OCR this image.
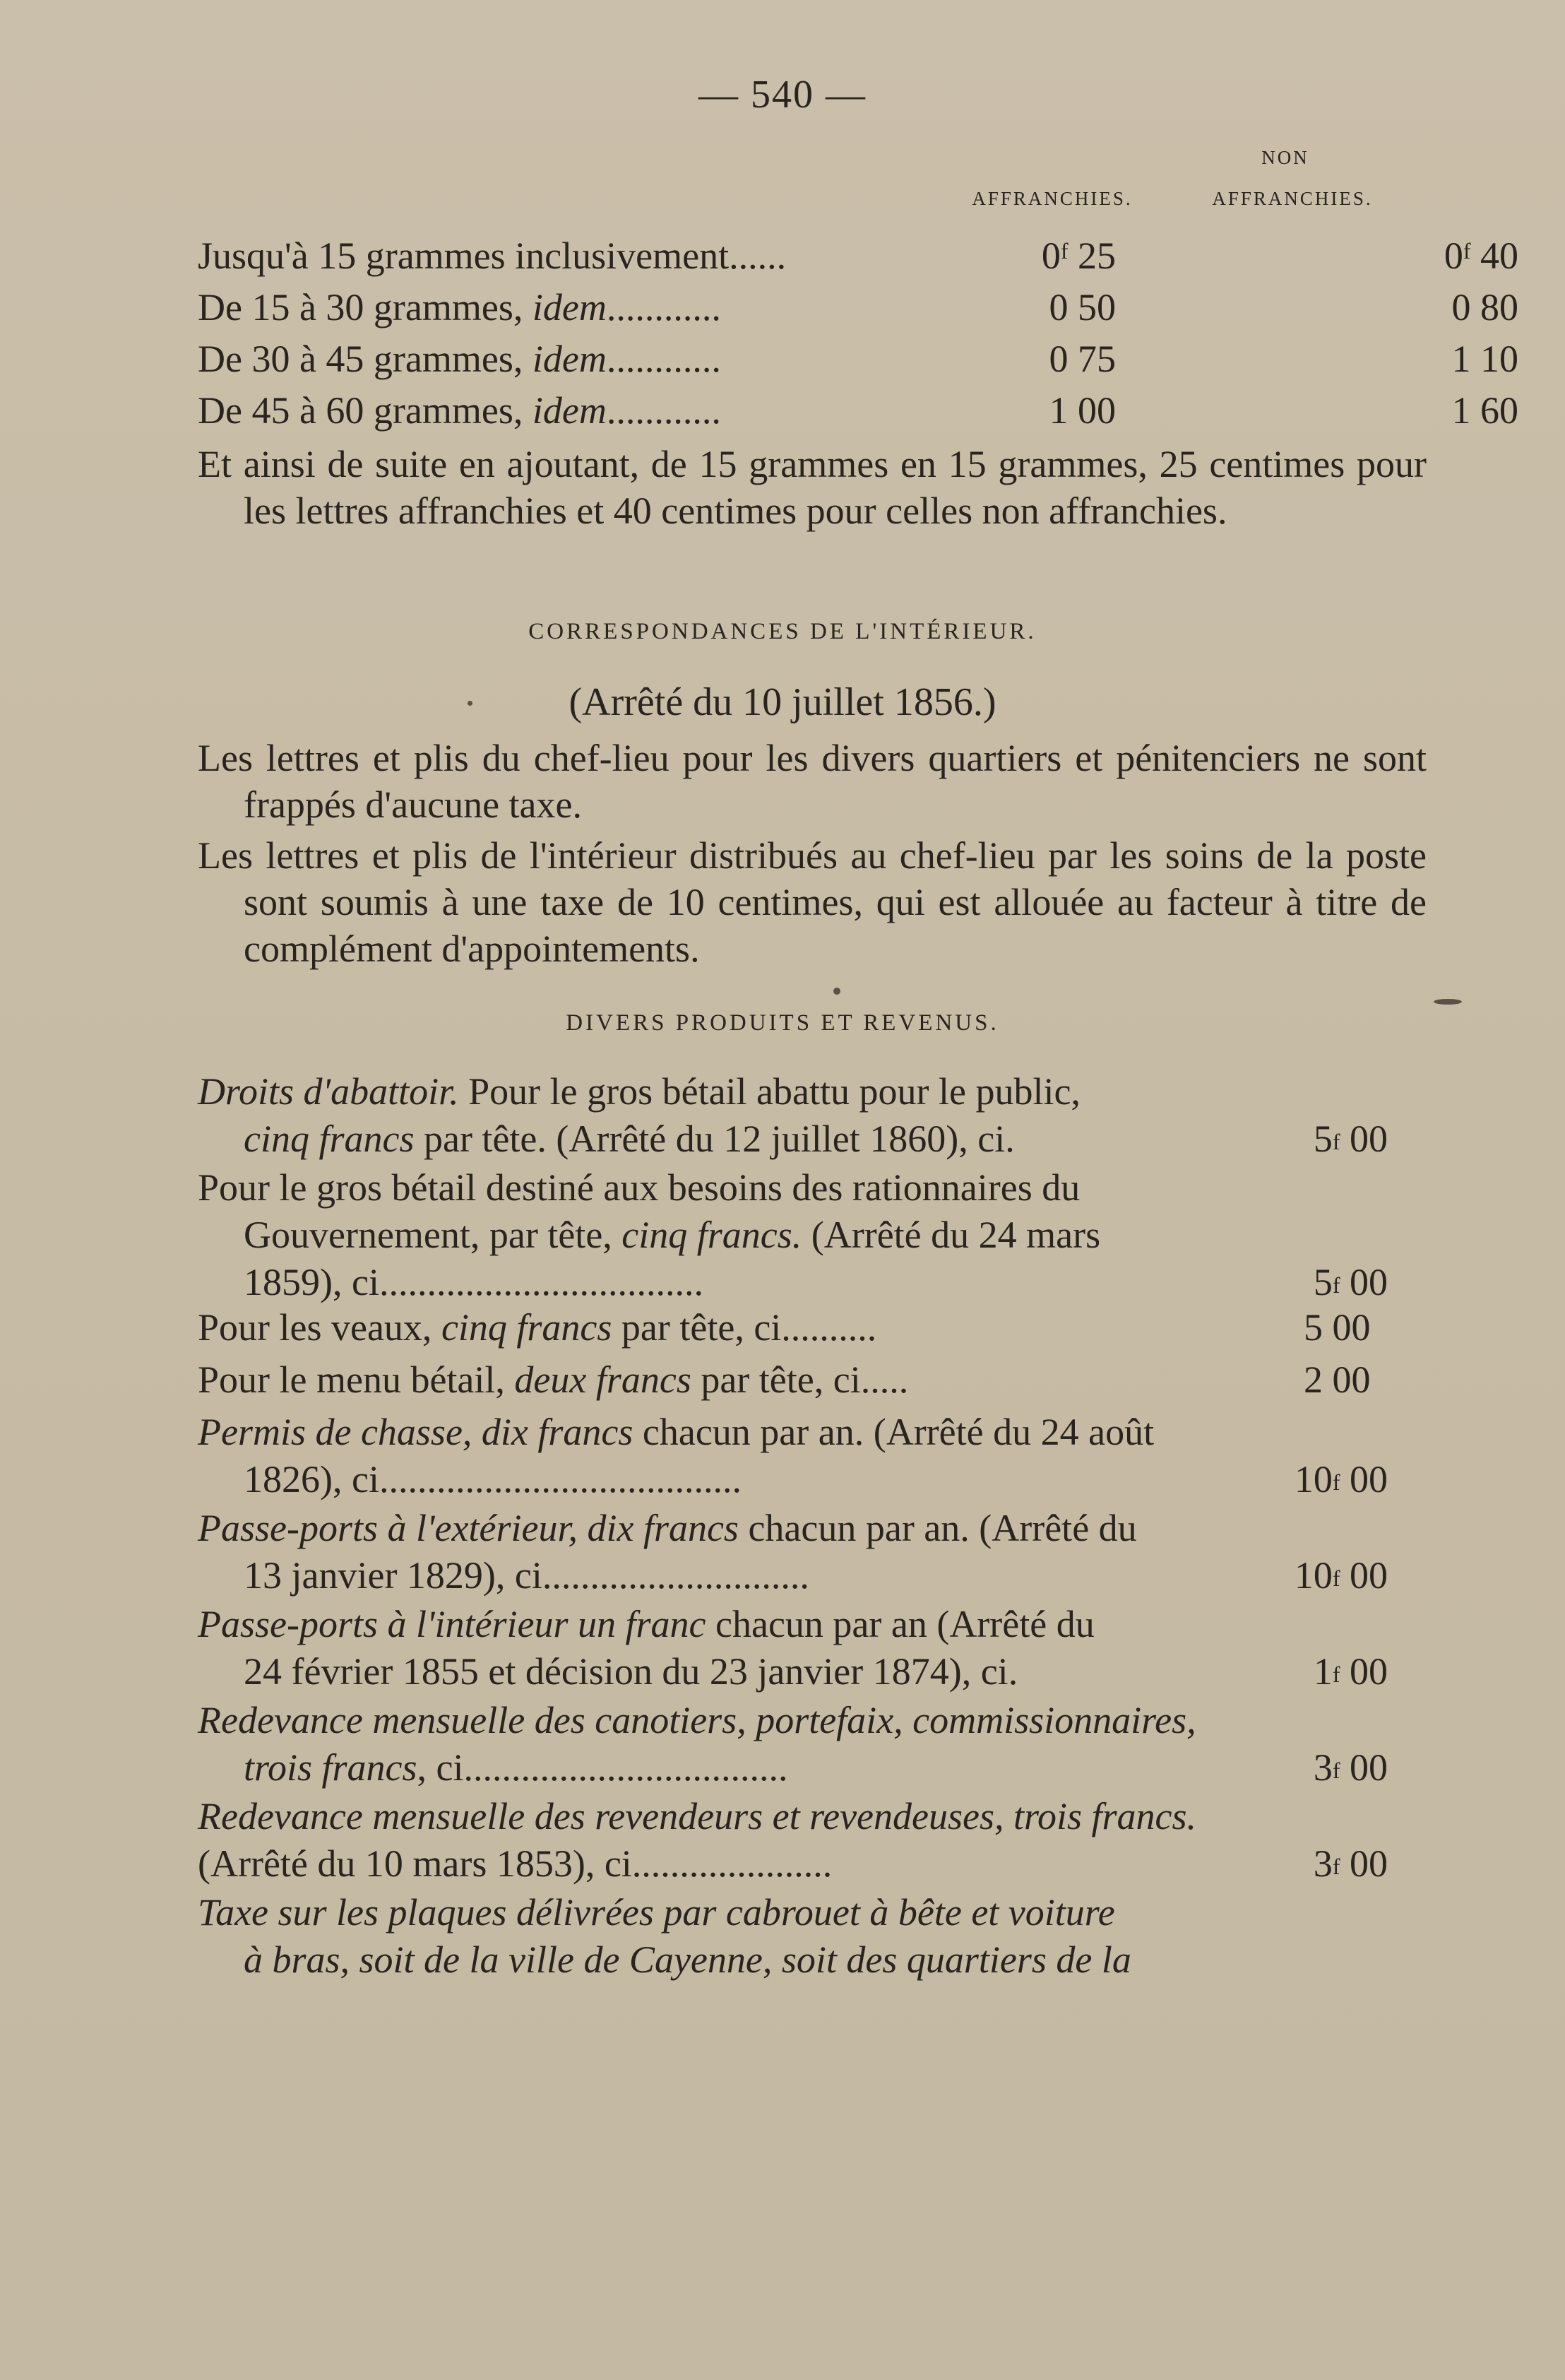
— 540 —
AFFRANCHIES.
NON
AFFRANCHIES.
Jusqu'à 15 grammes inclusivement......	0$^f$ 25	0$^f$ 40
De 15 à 30 grammes, idem............	0 50	0 80
De 30 à 45 grammes, idem............	0 75	1 10
De 45 à 60 grammes, idem............	1 00	1 60
Et ainsi de suite en ajoutant, de 15 grammes en 15 grammes, 25 centimes pour les lettres affranchies et 40 centimes pour celles non affranchies.
CORRESPONDANCES DE L'INTÉRIEUR.
(Arrêté du 10 juillet 1856.)
Les lettres et plis du chef-lieu pour les divers quartiers et pénitenciers ne sont frappés d'aucune taxe.
Les lettres et plis de l'intérieur distribués au chef-lieu par les soins de la poste sont soumis à une taxe de 10 centimes, qui est allouée au facteur à titre de complément d'appointements.
DIVERS PRODUITS ET REVENUS.
Droits d'abattoir. Pour le gros bétail abattu pour le public,
cinq francs par tête. (Arrêté du 12 juillet 1860), ci.	5$^f$ 00
Pour le gros bétail destiné aux besoins des rationnaires du
Gouvernement, par tête, cinq francs. (Arrêté du 24 mars
1859), ci..................................	5$^f$ 00
Pour les veaux, cinq francs par tête, ci..........	5 00
Pour le menu bétail, deux francs par tête, ci.....	2 00
Permis de chasse, dix francs chacun par an. (Arrêté du 24 août
1826), ci......................................	10$^f$ 00
Passe-ports à l'extérieur, dix francs chacun par an. (Arrêté du
13 janvier 1829), ci............................	10$^f$ 00
Passe-ports à l'intérieur un franc chacun par an (Arrêté du
24 février 1855 et décision du 23 janvier 1874), ci.	1$^f$ 00
Redevance mensuelle des canotiers, portefaix, commissionnaires,
trois francs, ci..................................	3$^f$ 00
Redevance mensuelle des revendeurs et revendeuses, trois francs.
(Arrêté du 10 mars 1853), ci.....................	3$^f$ 00
Taxe sur les plaques délivrées par cabrouet à bête et voiture
à bras, soit de la ville de Cayenne, soit des quartiers de la
